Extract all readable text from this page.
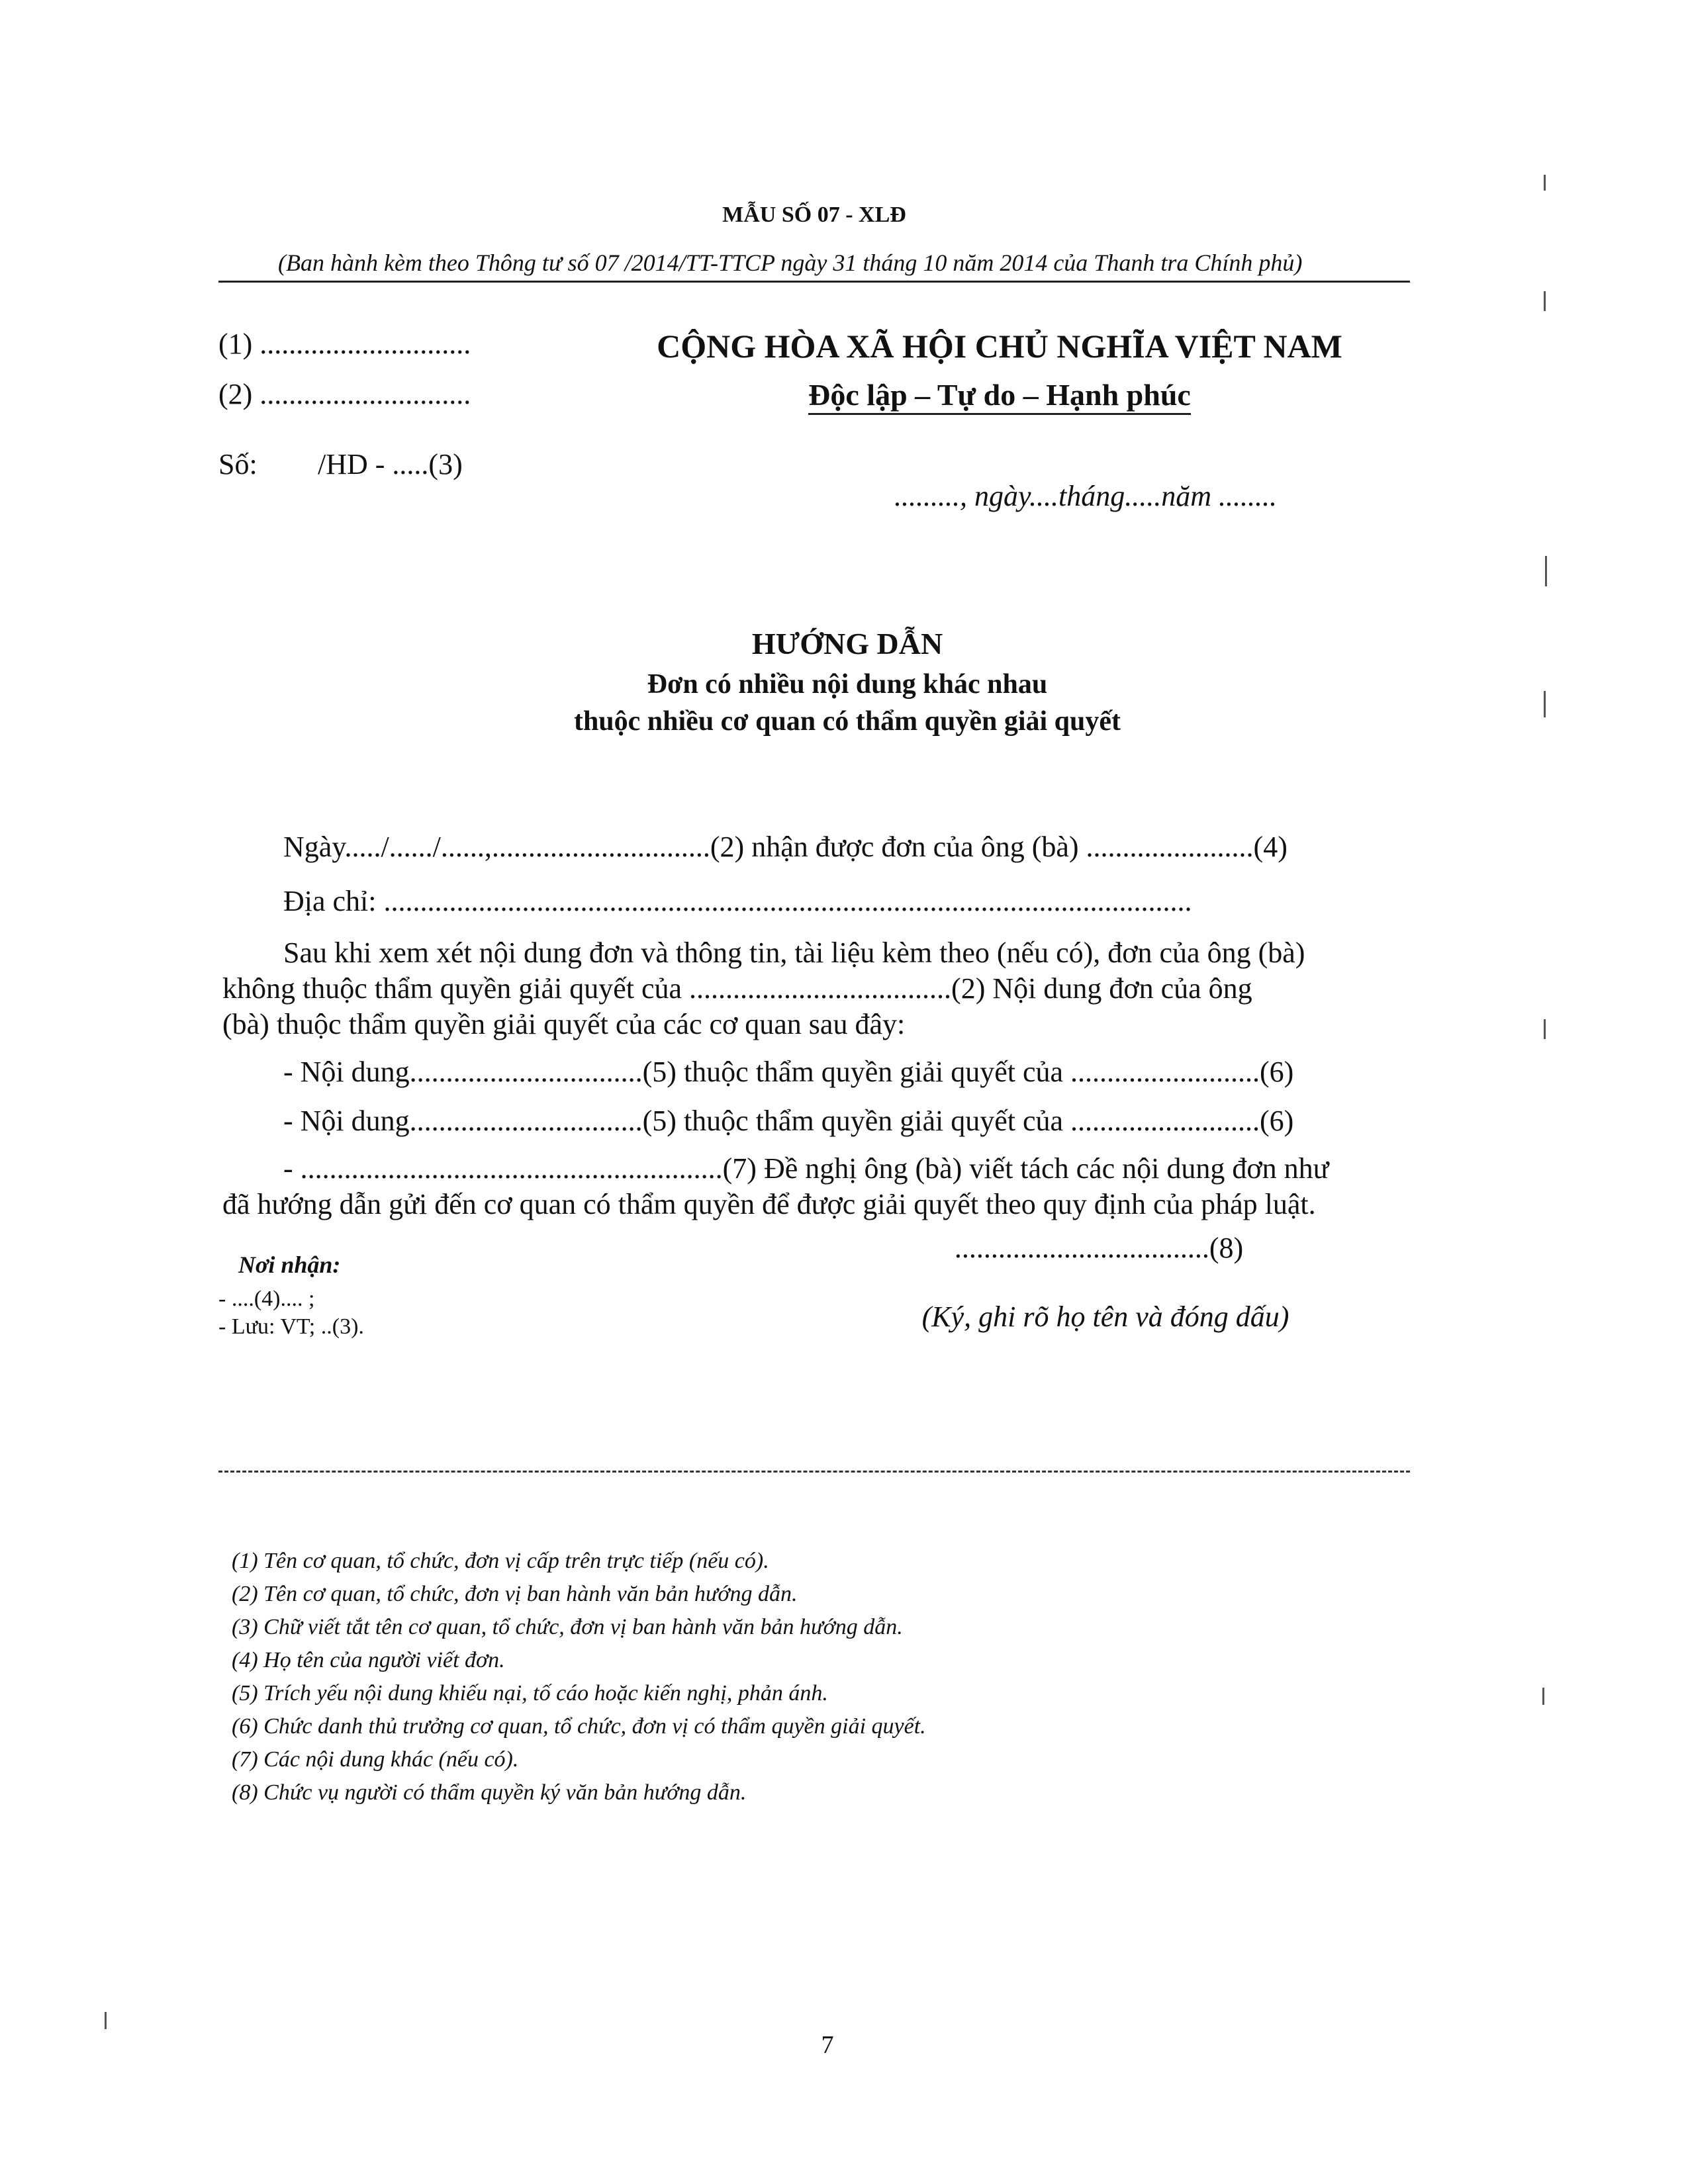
MẪU SỐ 07 - XLĐ
(Ban hành kèm theo Thông tư số 07 /2014/TT-TTCP ngày 31 tháng 10 năm 2014 của Thanh tra Chính phủ)
(1) .............................
(2) .............................
Số: /HD - .....(3)
CỘNG HÒA XÃ HỘI CHỦ NGHĨA VIỆT NAM
Độc lập – Tự do – Hạnh phúc
........., ngày....tháng.....năm ........
HƯỚNG DẪN
Đơn có nhiều nội dung khác nhau
thuộc nhiều cơ quan có thẩm quyền giải quyết
Ngày...../....../......,..............................(2) nhận được đơn của ông (bà) .......................(4)
Địa chỉ: ...............................................................................................................
Sau khi xem xét nội dung đơn và thông tin, tài liệu kèm theo (nếu có), đơn của ông (bà)
không thuộc thẩm quyền giải quyết của ....................................(2) Nội dung đơn của ông
(bà) thuộc thẩm quyền giải quyết của các cơ quan sau đây:
- Nội dung................................(5) thuộc thẩm quyền giải quyết của ..........................(6)
- Nội dung................................(5) thuộc thẩm quyền giải quyết của ..........................(6)
- ..........................................................(7) Đề nghị ông (bà) viết tách các nội dung đơn như
đã hướng dẫn gửi đến cơ quan có thẩm quyền để được giải quyết theo quy định của pháp luật.
Nơi nhận:
- ....(4).... ;
- Lưu: VT; ..(3).
...................................(8)
(Ký, ghi rõ họ tên và đóng dấu)
(1) Tên cơ quan, tổ chức, đơn vị cấp trên trực tiếp (nếu có).
(2) Tên cơ quan, tổ chức, đơn vị ban hành văn bản hướng dẫn.
(3) Chữ viết tắt tên cơ quan, tổ chức, đơn vị ban hành văn bản hướng dẫn.
(4) Họ tên của người viết đơn.
(5) Trích yếu nội dung khiếu nại, tố cáo hoặc kiến nghị, phản ánh.
(6) Chức danh thủ trưởng cơ quan, tổ chức, đơn vị có thẩm quyền giải quyết.
(7) Các nội dung khác (nếu có).
(8) Chức vụ người có thẩm quyền ký văn bản hướng dẫn.
7
